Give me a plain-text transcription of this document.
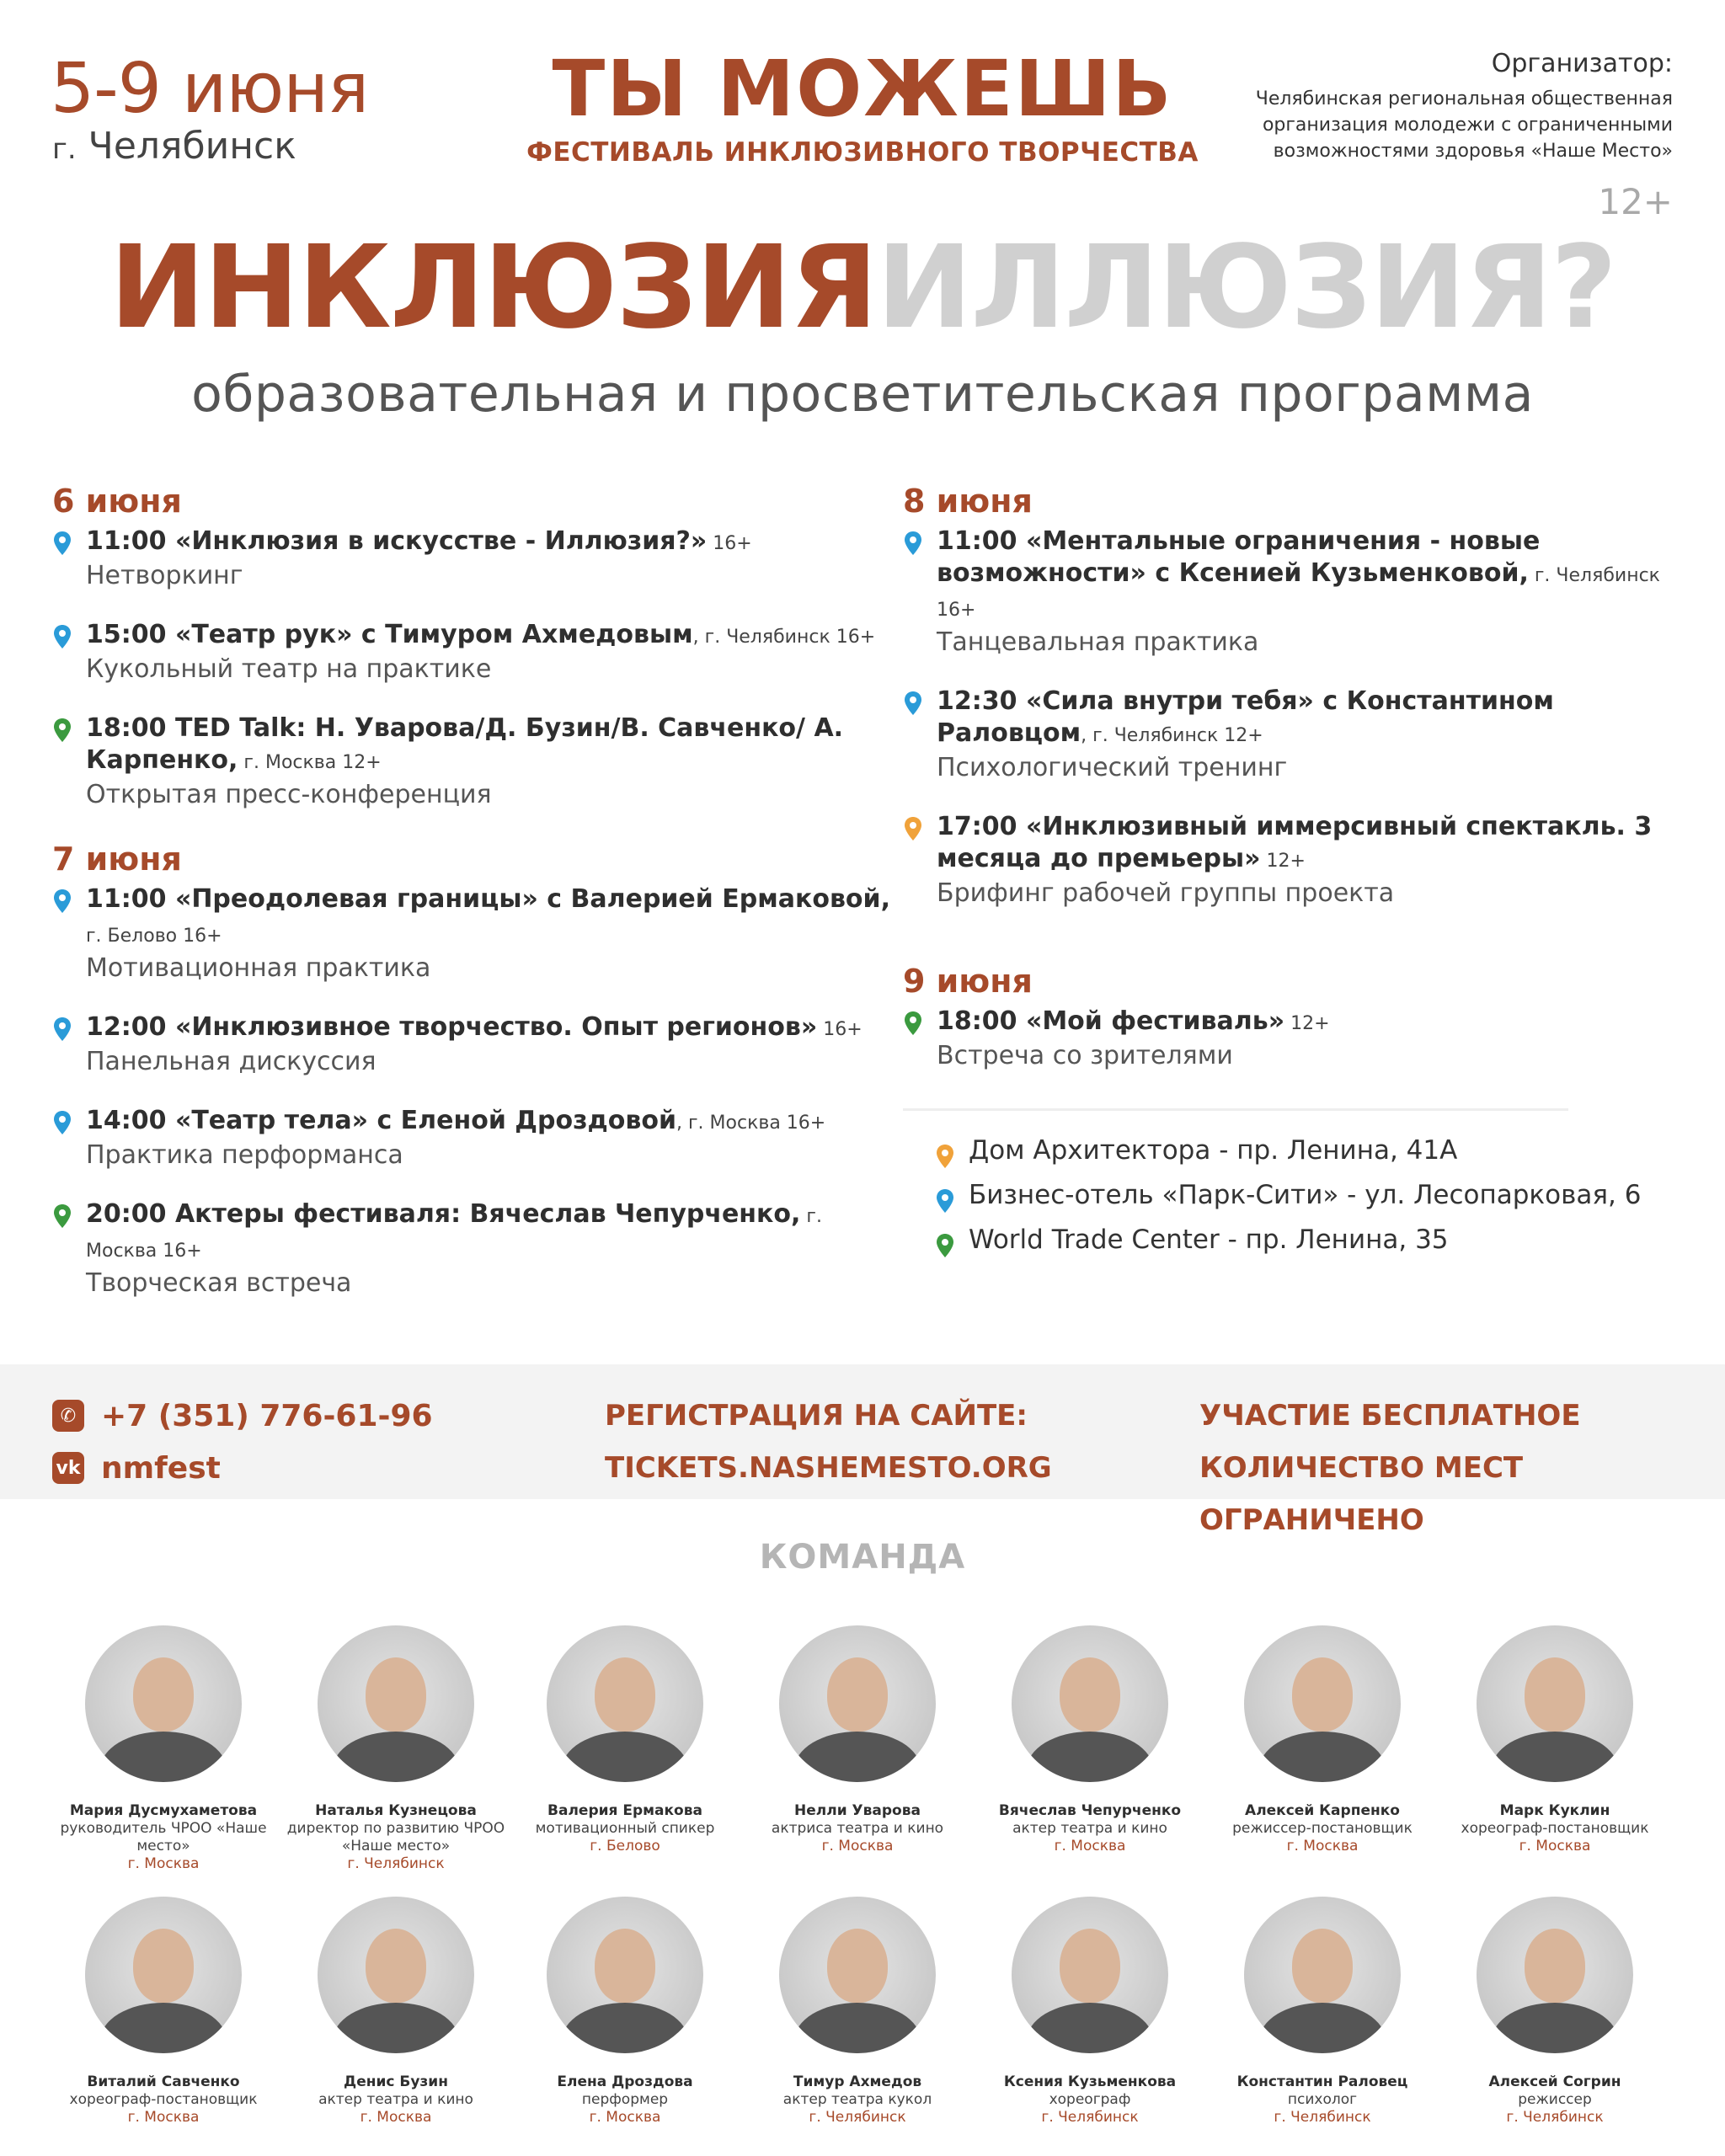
5-9 июня
г. Челябинск
ТЫ МОЖЕШЬ
ФЕСТИВАЛЬ ИНКЛЮЗИВНОГО ТВОРЧЕСТВА
Организатор:
Челябинская региональная общественная организация молодежи с ограниченными возможностями здоровья «Наше Место»
12+
ИНКЛЮЗИЯИЛЛЮЗИЯ?
образовательная и просветительская программа
6 июня
11:00 «Инклюзия в искусстве - Иллюзия?» 16+
Нетворкинг
15:00 «Театр рук» с Тимуром Ахмедовым, г. Челябинск 16+
Кукольный театр на практике
18:00 TED Talk: Н. Уварова/Д. Бузин/В. Савченко/ А. Карпенко, г. Москва 12+
Открытая пресс-конференция
7 июня
11:00 «Преодолевая границы» с Валерией Ермаковой, г. Белово 16+
Мотивационная практика
12:00 «Инклюзивное творчество. Опыт регионов» 16+
Панельная дискуссия
14:00 «Театр тела» с Еленой Дроздовой, г. Москва 16+
Практика перформанса
20:00 Актеры фестиваля: Вячеслав Чепурченко, г. Москва 16+
Творческая встреча
8 июня
11:00 «Ментальные ограничения - новые возможности» с Ксенией Кузьменковой, г. Челябинск 16+
Танцевальная практика
12:30 «Сила внутри тебя» с Константином Раловцом, г. Челябинск 12+
Психологический тренинг
17:00 «Инклюзивный иммерсивный спектакль. 3 месяца до премьеры» 12+
Брифинг рабочей группы проекта
9 июня
18:00 «Мой фестиваль» 12+
Встреча со зрителями
Дом Архитектора - пр. Ленина, 41А
Бизнес-отель «Парк-Сити» - ул. Лесопарковая, 6
World Trade Center - пр. Ленина, 35
✆ +7 (351) 776-61-96
vk nmfest
РЕГИСТРАЦИЯ НА САЙТЕ:
TICKETS.NASHEMESTO.ORG
УЧАСТИЕ БЕСПЛАТНОЕ
КОЛИЧЕСТВО МЕСТ ОГРАНИЧЕНО
КОМАНДА
Мария Дусмухаметова
руководитель ЧРОО «Наше место»
г. Москва
Наталья Кузнецова
директор по развитию ЧРОО «Наше место»
г. Челябинск
Валерия Ермакова
мотивационный спикер
г. Белово
Нелли Уварова
актриса театра и кино
г. Москва
Вячеслав Чепурченко
актер театра и кино
г. Москва
Алексей Карпенко
режиссер-постановщик
г. Москва
Марк Куклин
хореограф-постановщик
г. Москва
Виталий Савченко
хореограф-постановщик
г. Москва
Денис Бузин
актер театра и кино
г. Москва
Елена Дроздова
перформер
г. Москва
Тимур Ахмедов
актер театра кукол
г. Челябинск
Ксения Кузьменкова
хореограф
г. Челябинск
Константин Раловец
психолог
г. Челябинск
Алексей Согрин
режиссер
г. Челябинск
